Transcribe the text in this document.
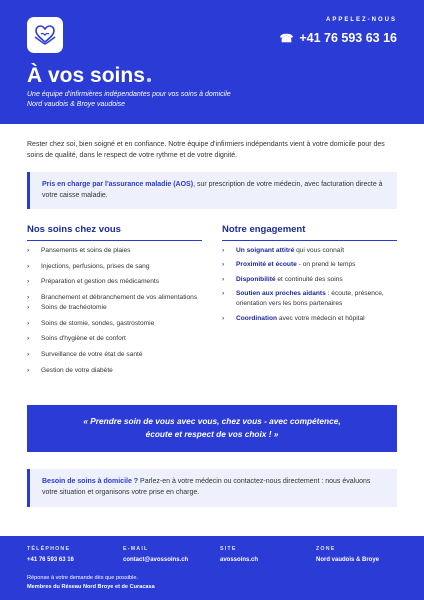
APPELEZ-NOUS
☎ +41 76 593 63 16
À vos soins
Une équipe d'infirmières indépendantes pour vos soins à domicile
Nord vaudois & Broye vaudoise

Rester chez soi, bien soigné et en confiance. Notre équipe d'infirmiers indépendants vient à votre domicile pour des soins de qualité, dans le respect de votre rythme et de votre dignité.

Pris en charge par l'assurance maladie (AOS), sur prescription de votre médecin, avec facturation directe à votre caisse maladie.
Nos soins chez vous	Notre engagement
› Pansements et soins de plaies
› Injections, perfusions, prises de sang
› Préparation et gestion des médicaments
› Branchement et débranchement de vos alimentations
› Soins de trachéotomie
› Soins de stomie, sondes, gastrostomie
› Soins d'hygiène et de confort
› Surveillance de votre état de santé
› Gestion de votre diabète
› Un soignant attitré qui vous connaît
› Proximité et écoute - on prend le temps
› Disponibilité et continuité des soins
› Soutien aux proches aidants : écoute, présence, orientation vers les bons partenaires
› Coordination avec votre médecin et hôpital
« Prendre soin de vous avec vous, chez vous - avec compétence,
écoute et respect de vos choix ! »
Besoin de soins à domicile ? Parlez-en à votre médecin ou contactez-nous directement : nous évaluons votre situation et organisons votre prise en charge.
TÉLÉPHONE
+41 76 593 63 16
E-MAIL
contact@avossoins.ch
SITE
avossoins.ch
ZONE
Nord vaudois & Broye
Réponse à votre demande dès que possible.
Membres du Réseau Nord Broye et de Curacasa
